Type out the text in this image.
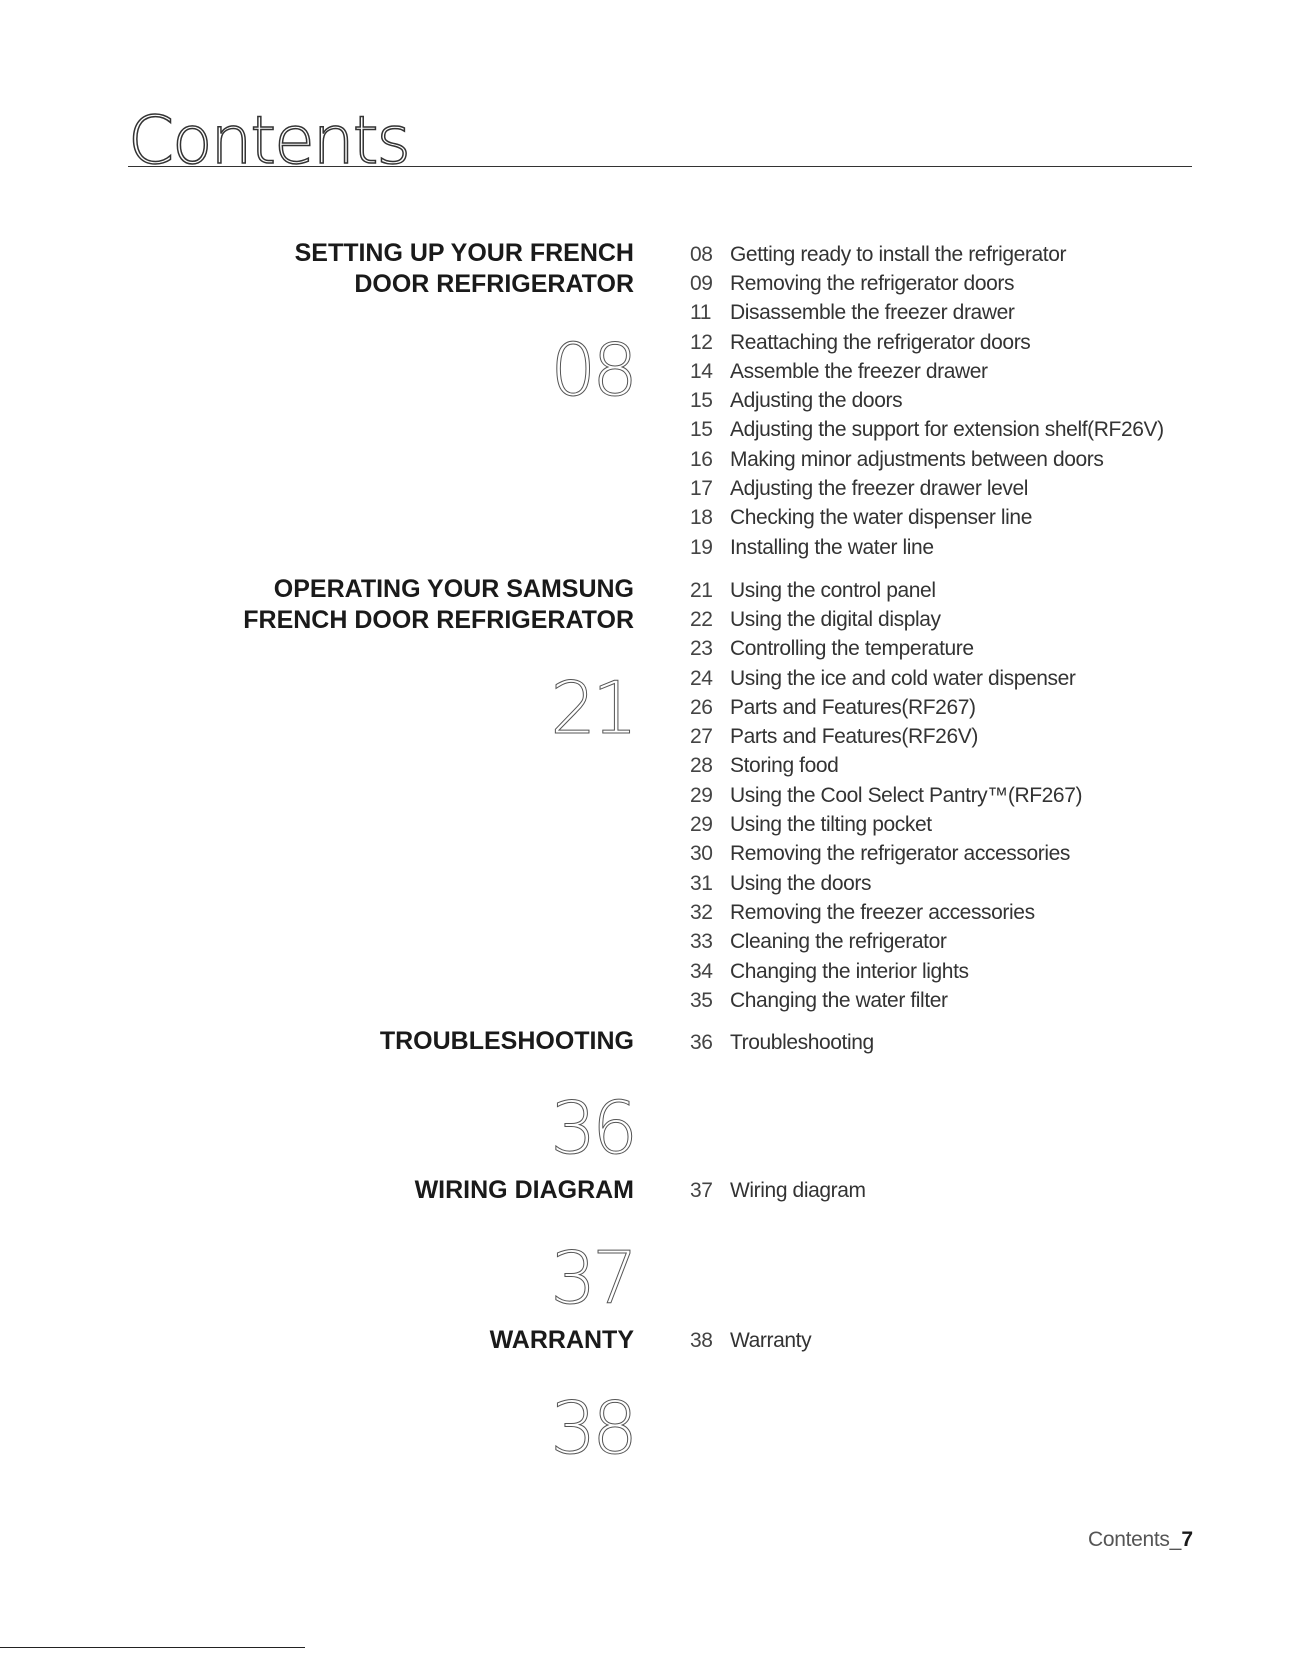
Contents
SETTING UP YOUR FRENCH
DOOR REFRIGERATOR
08
08 Getting ready to install the refrigerator
09 Removing the refrigerator doors
11 Disassemble the freezer drawer
12 Reattaching the refrigerator doors
14 Assemble the freezer drawer
15 Adjusting the doors
15 Adjusting the support for extension shelf(RF26V)
16 Making minor adjustments between doors
17 Adjusting the freezer drawer level
18 Checking the water dispenser line
19 Installing the water line
OPERATING YOUR SAMSUNG
FRENCH DOOR REFRIGERATOR
21
21 Using the control panel
22 Using the digital display
23 Controlling the temperature
24 Using the ice and cold water dispenser
26 Parts and Features(RF267)
27 Parts and Features(RF26V)
28 Storing food
29 Using the Cool Select Pantry™(RF267)
29 Using the tilting pocket
30 Removing the refrigerator accessories
31 Using the doors
32 Removing the freezer accessories
33 Cleaning the refrigerator
34 Changing the interior lights
35 Changing the water filter
TROUBLESHOOTING
36
36 Troubleshooting
WIRING DIAGRAM
37
37 Wiring diagram
WARRANTY
38
38 Warranty
Contents_7
